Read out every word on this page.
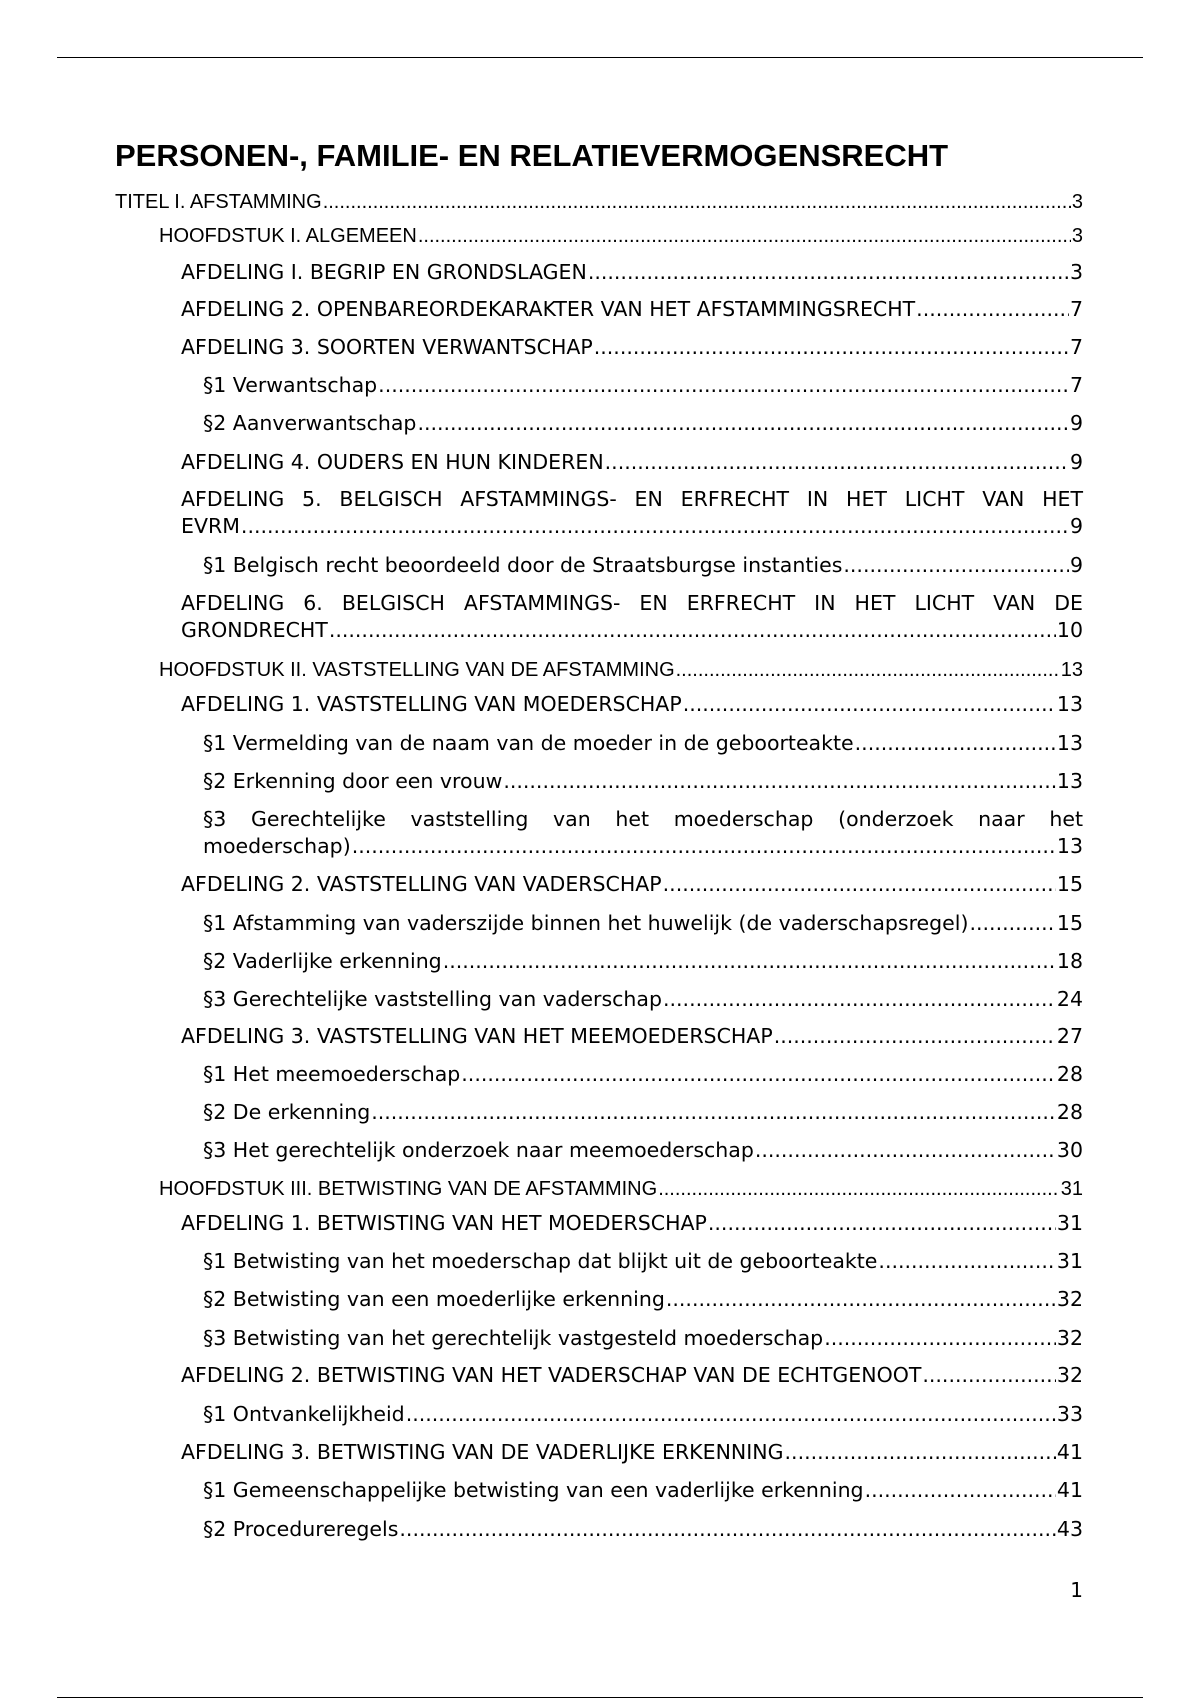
PERSONEN-, FAMILIE- EN RELATIEVERMOGENSRECHT
TITEL I. AFSTAMMING .....	3
HOOFDSTUK I. ALGEMEEN .....	3
AFDELING I. BEGRIP EN GRONDSLAGEN .....	3
AFDELING 2. OPENBAREORDEKARAKTER VAN HET AFSTAMMINGSRECHT .....	7
AFDELING 3. SOORTEN VERWANTSCHAP .....	7
§1 Verwantschap .....	7
§2 Aanverwantschap .....	9
AFDELING 4. OUDERS EN HUN KINDEREN .....	9
AFDELING 5. BELGISCH AFSTAMMINGS- EN ERFRECHT IN HET LICHT VAN HET
EVRM .....	9
§1 Belgisch recht beoordeeld door de Straatsburgse instanties .....	9
AFDELING 6. BELGISCH AFSTAMMINGS- EN ERFRECHT IN HET LICHT VAN DE
GRONDRECHT .....	10
HOOFDSTUK II. VASTSTELLING VAN DE AFSTAMMING .....	13
AFDELING 1. VASTSTELLING VAN MOEDERSCHAP .....	13
§1 Vermelding van de naam van de moeder in de geboorteakte .....	13
§2 Erkenning door een vrouw .....	13
§3 Gerechtelijke vaststelling van het moederschap (onderzoek naar het
moederschap) .....	13
AFDELING 2. VASTSTELLING VAN VADERSCHAP .....	15
§1 Afstamming van vaderszijde binnen het huwelijk (de vaderschapsregel) .....	15
§2 Vaderlijke erkenning .....	18
§3 Gerechtelijke vaststelling van vaderschap .....	24
AFDELING 3. VASTSTELLING VAN HET MEEMOEDERSCHAP .....	27
§1 Het meemoederschap .....	28
§2 De erkenning .....	28
§3 Het gerechtelijk onderzoek naar meemoederschap .....	30
HOOFDSTUK III. BETWISTING VAN DE AFSTAMMING .....	31
AFDELING 1. BETWISTING VAN HET MOEDERSCHAP .....	31
§1 Betwisting van het moederschap dat blijkt uit de geboorteakte .....	31
§2 Betwisting van een moederlijke erkenning .....	32
§3 Betwisting van het gerechtelijk vastgesteld moederschap .....	32
AFDELING 2. BETWISTING VAN HET VADERSCHAP VAN DE ECHTGENOOT .....	32
§1 Ontvankelijkheid .....	33
AFDELING 3. BETWISTING VAN DE VADERLIJKE ERKENNING .....	41
§1 Gemeenschappelijke betwisting van een vaderlijke erkenning .....	41
§2 Procedureregels .....	43
1
